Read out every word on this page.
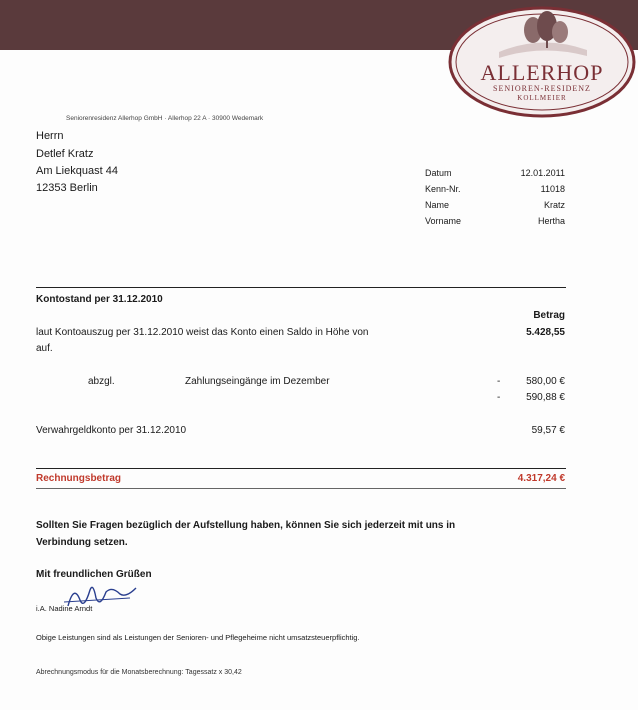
ALLERHOP
SENIOREN-RESIDENZ
KOLLMEIER
Seniorenresidenz Allerhop GmbH · Allerhop 22 A · 30900 Wedemark
Herrn
Detlef Kratz
Am Liekquast 44
12353 Berlin
Datum	12.01.2011
Kenn-Nr.	11018
Name	Kratz
Vorname	Hertha
Kontostand per 31.12.2010
Betrag
laut Kontoauszug per 31.12.2010 weist das Konto einen Saldo in Höhe von
auf.
5.428,55
abzgl.	Zahlungseingänge im Dezember	-	580,00 €
-	590,88 €
Verwahrgeldkonto per 31.12.2010	59,57 €
Rechnungsbetrag	4.317,24 €
Sollten Sie Fragen bezüglich der Aufstellung haben, können Sie sich jederzeit mit uns in
Verbindung setzen.
Mit freundlichen Grüßen
i.A. Nadine Arndt
Obige Leistungen sind als Leistungen der Senioren- und Pflegeheime nicht umsatzsteuerpflichtig.
Abrechnungsmodus für die Monatsberechnung: Tagessatz x 30,42
